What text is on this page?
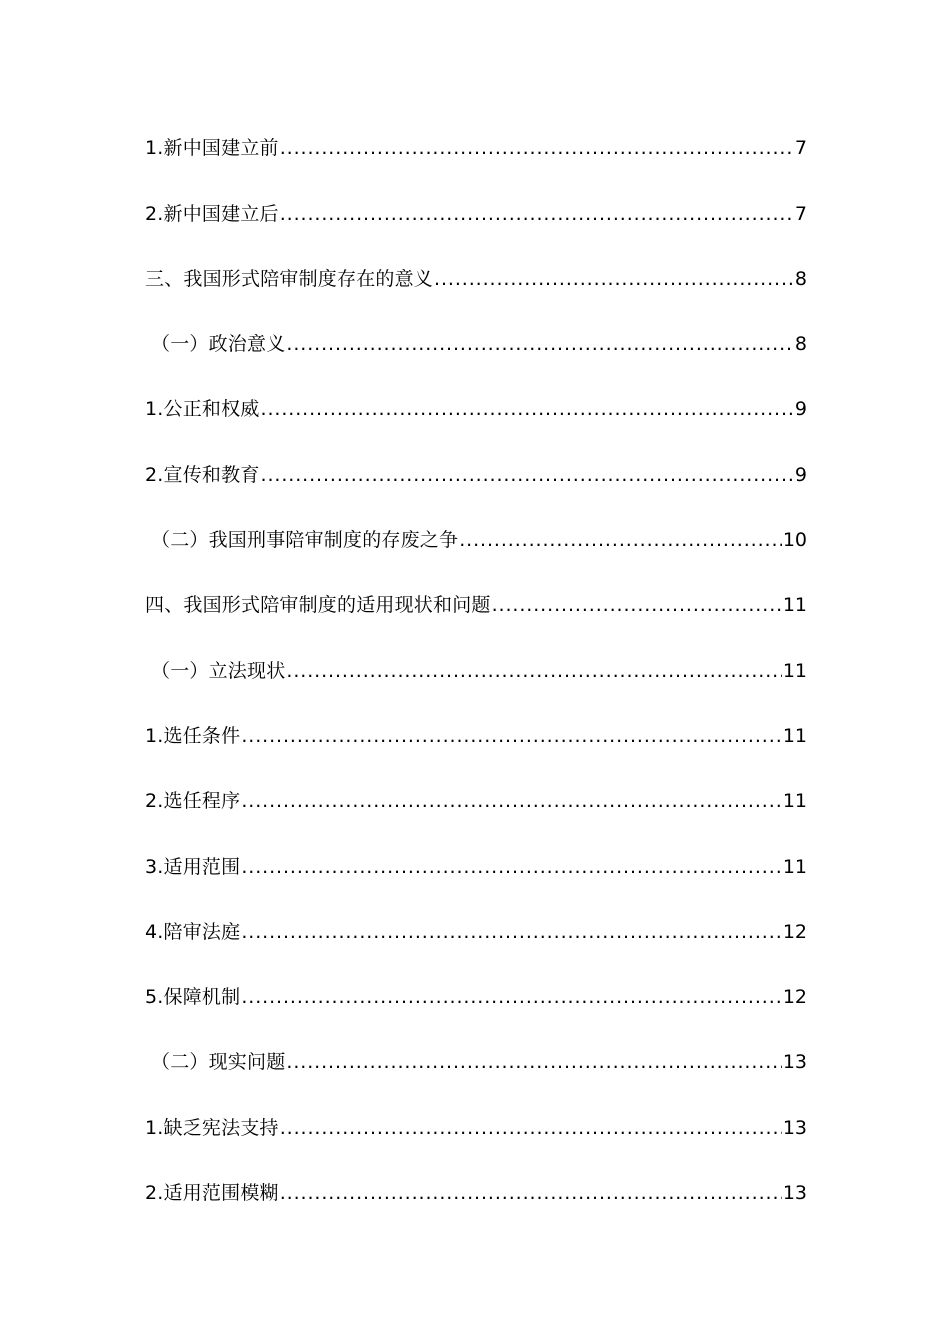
1.新中国建立前 .....	7
2.新中国建立后 .....	7
三、我国形式陪审制度存在的意义 .....	8
（一）政治意义 .....	8
1.公正和权威 .....	9
2.宣传和教育 .....	9
（二）我国刑事陪审制度的存废之争 .....	10
四、我国形式陪审制度的适用现状和问题 .....	11
（一）立法现状 .....	11
1.选任条件 .....	11
2.选任程序 .....	11
3.适用范围 .....	11
4.陪审法庭 .....	12
5.保障机制 .....	12
（二）现实问题 .....	13
1.缺乏宪法支持 .....	13
2.适用范围模糊 .....	13
